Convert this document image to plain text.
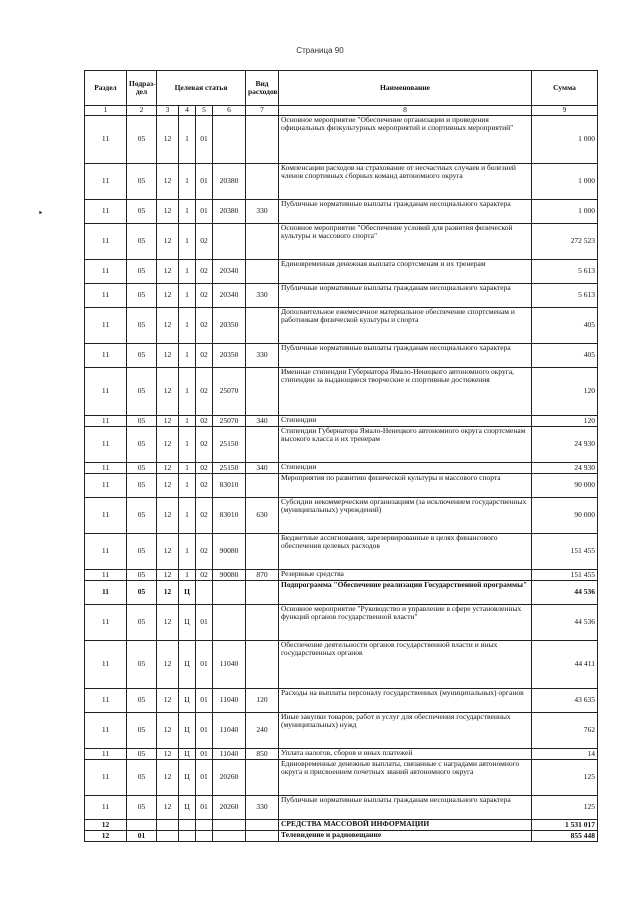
Страница 90
‣
Раздел	Подраз-дел	Целевая статья				Вид расходов	Наименование	Сумма
1	2	3	4	5	6	7	8	9
11	05	12	1	01			Основное мероприятие "Обеспечение организации и проведения официальных физкультурных мероприятий и спортивных мероприятий"	1 000
11	05	12	1	01	20380		Компенсации расходов на страхование от несчастных случаев и болезней членов спортивных сборных команд автономного округа	1 000
11	05	12	1	01	20380	330	Публичные нормативные выплаты гражданам несоциального характера	1 000
11	05	12	1	02			Основное мероприятие "Обеспечение условий для развития физической культуры и массового спорта"	272 523
11	05	12	1	02	20340		Единовременная денежная выплата спортсменам и их тренерам	5 613
11	05	12	1	02	20340	330	Публичные нормативные выплаты гражданам несоциального характера	5 613
11	05	12	1	02	20350		Дополнительное ежемесячное материальное обеспечение спортсменам и работникам физической культуры и спорта	405
11	05	12	1	02	20350	330	Публичные нормативные выплаты гражданам несоциального характера	405
11	05	12	1	02	25070		Именные стипендии Губернатора Ямало-Ненецкого автономного округа, стипендии за выдающиеся творческие и спортивные достижения	120
11	05	12	1	02	25070	340	Стипендии	120
11	05	12	1	02	25150		Стипендии Губернатора Ямало-Ненецкого автономного округа спортсменам высокого класса и их тренерам	24 930
11	05	12	1	02	25150	340	Стипендии	24 930
11	05	12	1	02	83010		Мероприятия по развитию физической культуры и массового спорта	90 000
11	05	12	1	02	83010	630	Субсидии некоммерческим организациям (за исключением государственных (муниципальных) учреждений)	90 000
11	05	12	1	02	90080		Бюджетные ассигнования, зарезервированные в целях финансового обеспечения целевых расходов	151 455
11	05	12	1	02	90080	870	Резервные средства	151 455
11	05	12	Ц				Подпрограмма "Обеспечение реализации Государственной программы"	44 536
11	05	12	Ц	01			Основное мероприятие "Руководство и управление в сфере установленных функций органов государственной власти"	44 536
11	05	12	Ц	01	11040		Обеспечение деятельности органов государственной власти и иных государственных органов	44 411
11	05	12	Ц	01	11040	120	Расходы на выплаты персоналу государственных (муниципальных) органов	43 635
11	05	12	Ц	01	11040	240	Иные закупки товаров, работ и услуг для обеспечения государственных (муниципальных) нужд	762
11	05	12	Ц	01	11040	850	Уплата налогов, сборов и иных платежей	14
11	05	12	Ц	01	20260		Единовременные денежные выплаты, связанные с наградами автономного округа и присвоением почетных званий автономного округа	125
11	05	12	Ц	01	20260	330	Публичные нормативные выплаты гражданам несоциального характера	125
12							СРЕДСТВА МАССОВОЙ ИНФОРМАЦИИ	1 531 017
12	01						Телевидение и радиовещание	855 448
